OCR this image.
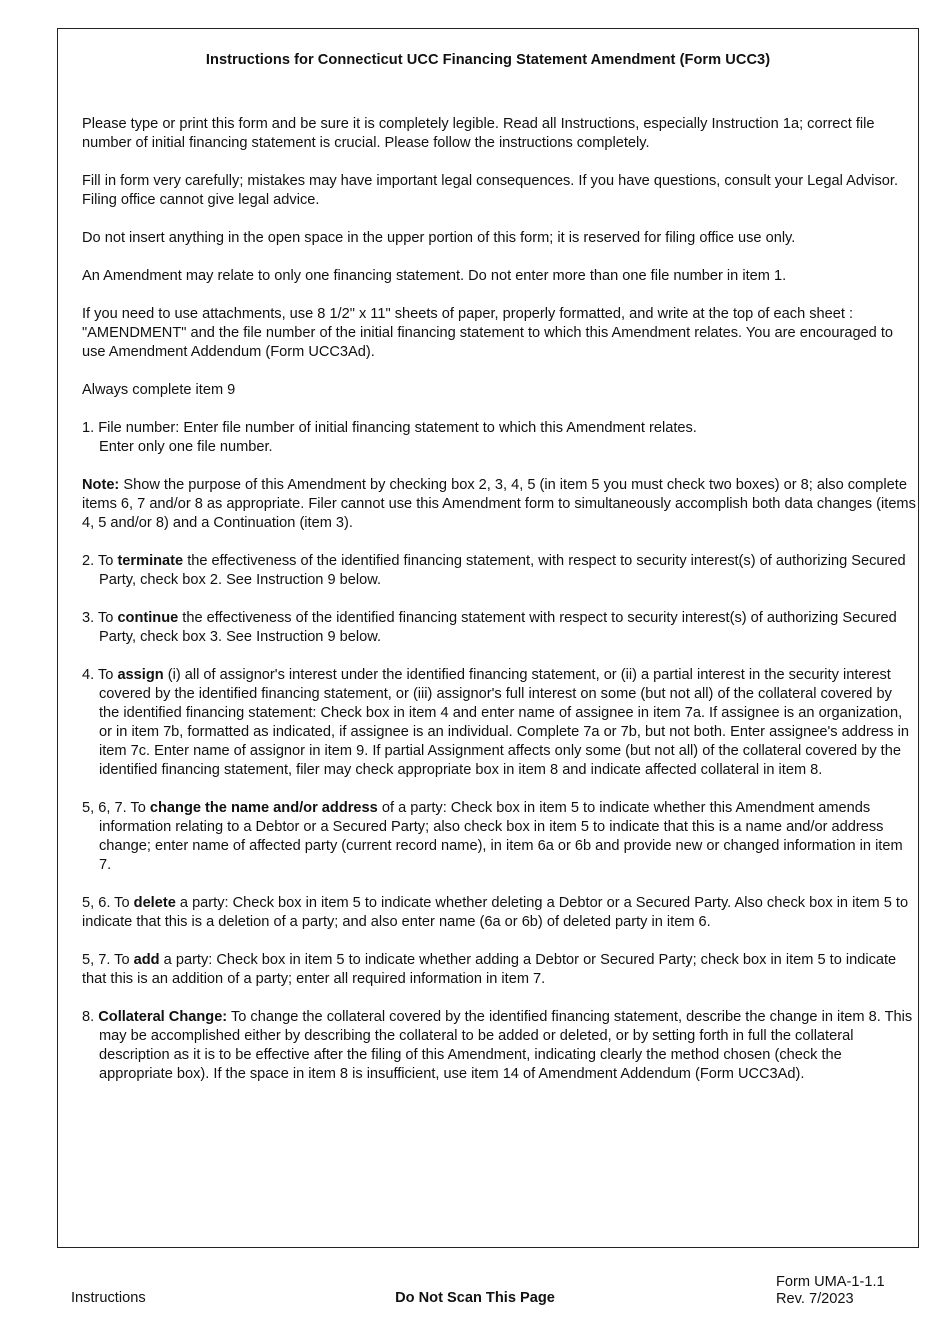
Instructions for Connecticut UCC Financing Statement Amendment (Form UCC3)

Please type or print this form and be sure it is completely legible. Read all Instructions, especially Instruction 1a; correct file number of initial financing statement is crucial. Please follow the instructions completely.

Fill in form very carefully; mistakes may have important legal consequences. If you have questions, consult your Legal Advisor. Filing office cannot give legal advice.

Do not insert anything in the open space in the upper portion of this form; it is reserved for filing office use only.

An Amendment may relate to only one financing statement. Do not enter more than one file number in item 1.

If you need to use attachments, use 8 1/2" x 11" sheets of paper, properly formatted, and write at the top of each sheet : "AMENDMENT" and the file number of the initial financing statement to which this Amendment relates. You are encouraged to use Amendment Addendum (Form UCC3Ad).

Always complete item 9

1. File number: Enter file number of initial financing statement to which this Amendment relates.
Enter only one file number.

Note: Show the purpose of this Amendment by checking box 2, 3, 4, 5 (in item 5 you must check two boxes) or 8; also complete items 6, 7 and/or 8 as appropriate. Filer cannot use this Amendment form to simultaneously accomplish both data changes (items 4, 5 and/or 8) and a Continuation (item 3).

2. To terminate the effectiveness of the identified financing statement, with respect to security interest(s) of authorizing Secured Party, check box 2. See Instruction 9 below.
3. To continue the effectiveness of the identified financing statement with respect to security interest(s) of authorizing Secured Party, check box 3. See Instruction 9 below.
4. To assign (i) all of assignor's interest under the identified financing statement, or (ii) a partial interest in the security interest covered by the identified financing statement, or (iii) assignor's full interest on some (but not all) of the collateral covered by the identified financing statement: Check box in item 4 and enter name of assignee in item 7a. If assignee is an organization, or in item 7b, formatted as indicated, if assignee is an individual. Complete 7a or 7b, but not both. Enter assignee's address in item 7c. Enter name of assignor in item 9. If partial Assignment affects only some (but not all) of the collateral covered by the identified financing statement, filer may check appropriate box in item 8 and indicate affected collateral in item 8.
5, 6, 7. To change the name and/or address of a party: Check box in item 5 to indicate whether this Amendment amends information relating to a Debtor or a Secured Party; also check box in item 5 to indicate that this is a name and/or address change; enter name of affected party (current record name), in item 6a or 6b and provide new or changed information in item 7.
5, 6. To delete a party: Check box in item 5 to indicate whether deleting a Debtor or a Secured Party. Also check box in item 5 to indicate that this is a deletion of a party; and also enter name (6a or 6b) of deleted party in item 6.
5, 7. To add a party: Check box in item 5 to indicate whether adding a Debtor or Secured Party; check box in item 5 to indicate that this is an addition of a party; enter all required information in item 7.
8. Collateral Change: To change the collateral covered by the identified financing statement, describe the change in item 8. This may be accomplished either by describing the collateral to be added or deleted, or by setting forth in full the collateral description as it is to be effective after the filing of this Amendment, indicating clearly the method chosen (check the appropriate box). If the space in item 8 is insufficient, use item 14 of Amendment Addendum (Form UCC3Ad).
Instructions	Do Not Scan This Page
Form UMA-1-1.1
Rev. 7/2023
